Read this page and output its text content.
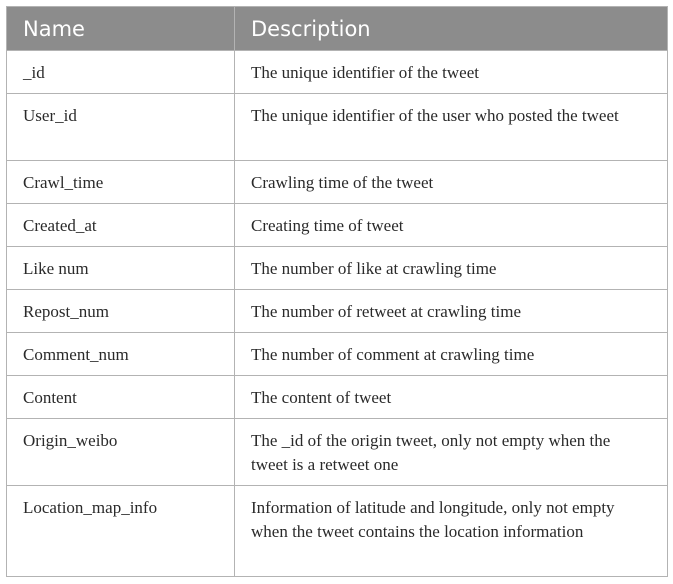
Name	Description
_id	The unique identifier of the tweet
User_id	The unique identifier of the user who posted the tweet
Crawl_time	Crawling time of the tweet
Created_at	Creating time of tweet
Like num	The number of like at crawling time
Repost_num	The number of retweet at crawling time
Comment_num	The number of comment at crawling time
Content	The content of tweet
Origin_weibo	The _id of the origin tweet, only not empty when the tweet is a retweet one
Location_map_info	Information of latitude and longitude, only not empty when the tweet contains the location information
